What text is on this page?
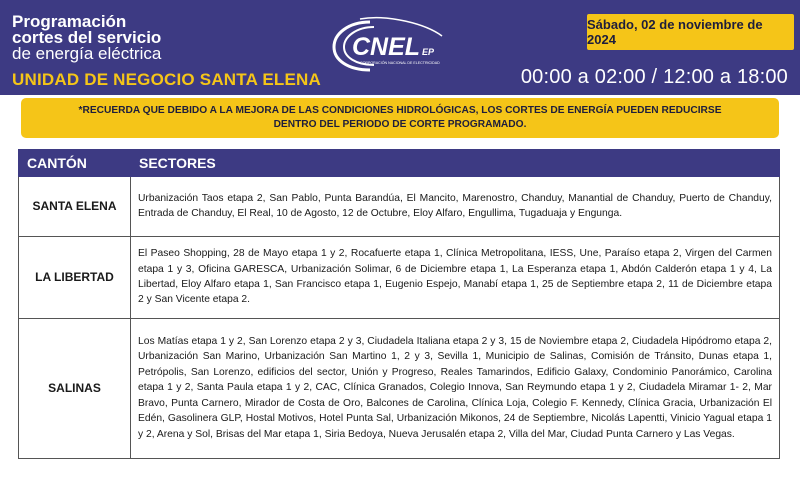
Programación
cortes del servicio
de energía eléctrica
UNIDAD DE NEGOCIO SANTA ELENA
CNEL EP
CORPORACIÓN NACIONAL DE ELECTRICIDAD
Sábado, 02 de noviembre de 2024
00:00 a 02:00 / 12:00 a 18:00
*RECUERDA QUE DEBIDO A LA MEJORA DE LAS CONDICIONES HIDROLÓGICAS, LOS CORTES DE ENERGÍA PUEDEN REDUCIRSE DENTRO DEL PERIODO DE CORTE PROGRAMADO.
CANTÓN	SECTORES
SANTA ELENA	Urbanización Taos etapa 2, San Pablo, Punta Barandúa, El Mancito, Marenostro, Chanduy, Manantial de Chanduy, Puerto de Chanduy, Entrada de Chanduy, El Real, 10 de Agosto, 12 de Octubre, Eloy Alfaro, Engullima, Tugaduaja y Engunga.
LA LIBERTAD	El Paseo Shopping, 28 de Mayo etapa 1 y 2, Rocafuerte etapa 1, Clínica Metropolitana, IESS, Une, Paraíso etapa 2, Virgen del Carmen etapa 1 y 3, Oficina GARESCA, Urbanización Solimar, 6 de Diciembre etapa 1, La Esperanza etapa 1, Abdón Calderón etapa 1 y 4, La Libertad, Eloy Alfaro etapa 1, San Francisco etapa 1, Eugenio Espejo, Manabí etapa 1, 25 de Septiembre etapa 2, 11 de Diciembre etapa 2 y San Vicente etapa 2.
SALINAS	Los Matías etapa 1 y 2, San Lorenzo etapa 2 y 3, Ciudadela Italiana etapa 2 y 3, 15 de Noviembre etapa 2, Ciudadela Hipódromo etapa 2, Urbanización San Marino, Urbanización San Martino 1, 2 y 3, Sevilla 1, Municipio de Salinas, Comisión de Tránsito, Dunas etapa 1, Petrópolis, San Lorenzo, edificios del sector, Unión y Progreso, Reales Tamarindos, Edificio Galaxy, Condominio Panorámico, Carolina etapa 1 y 2, Santa Paula etapa 1 y 2, CAC, Clínica Granados, Colegio Innova, San Reymundo etapa 1 y 2, Ciudadela Miramar 1- 2, Mar Bravo, Punta Carnero, Mirador de Costa de Oro, Balcones de Carolina, Clínica Loja, Colegio F. Kennedy, Clínica Gracia, Urbanización El Edén, Gasolinera GLP, Hostal Motivos, Hotel Punta Sal, Urbanización Mikonos, 24 de Septiembre, Nicolás Lapentti, Vinicio Yagual etapa 1 y 2, Arena y Sol, Brisas del Mar etapa 1, Siria Bedoya, Nueva Jerusalén etapa 2, Villa del Mar, Ciudad Punta Carnero y Las Vegas.
